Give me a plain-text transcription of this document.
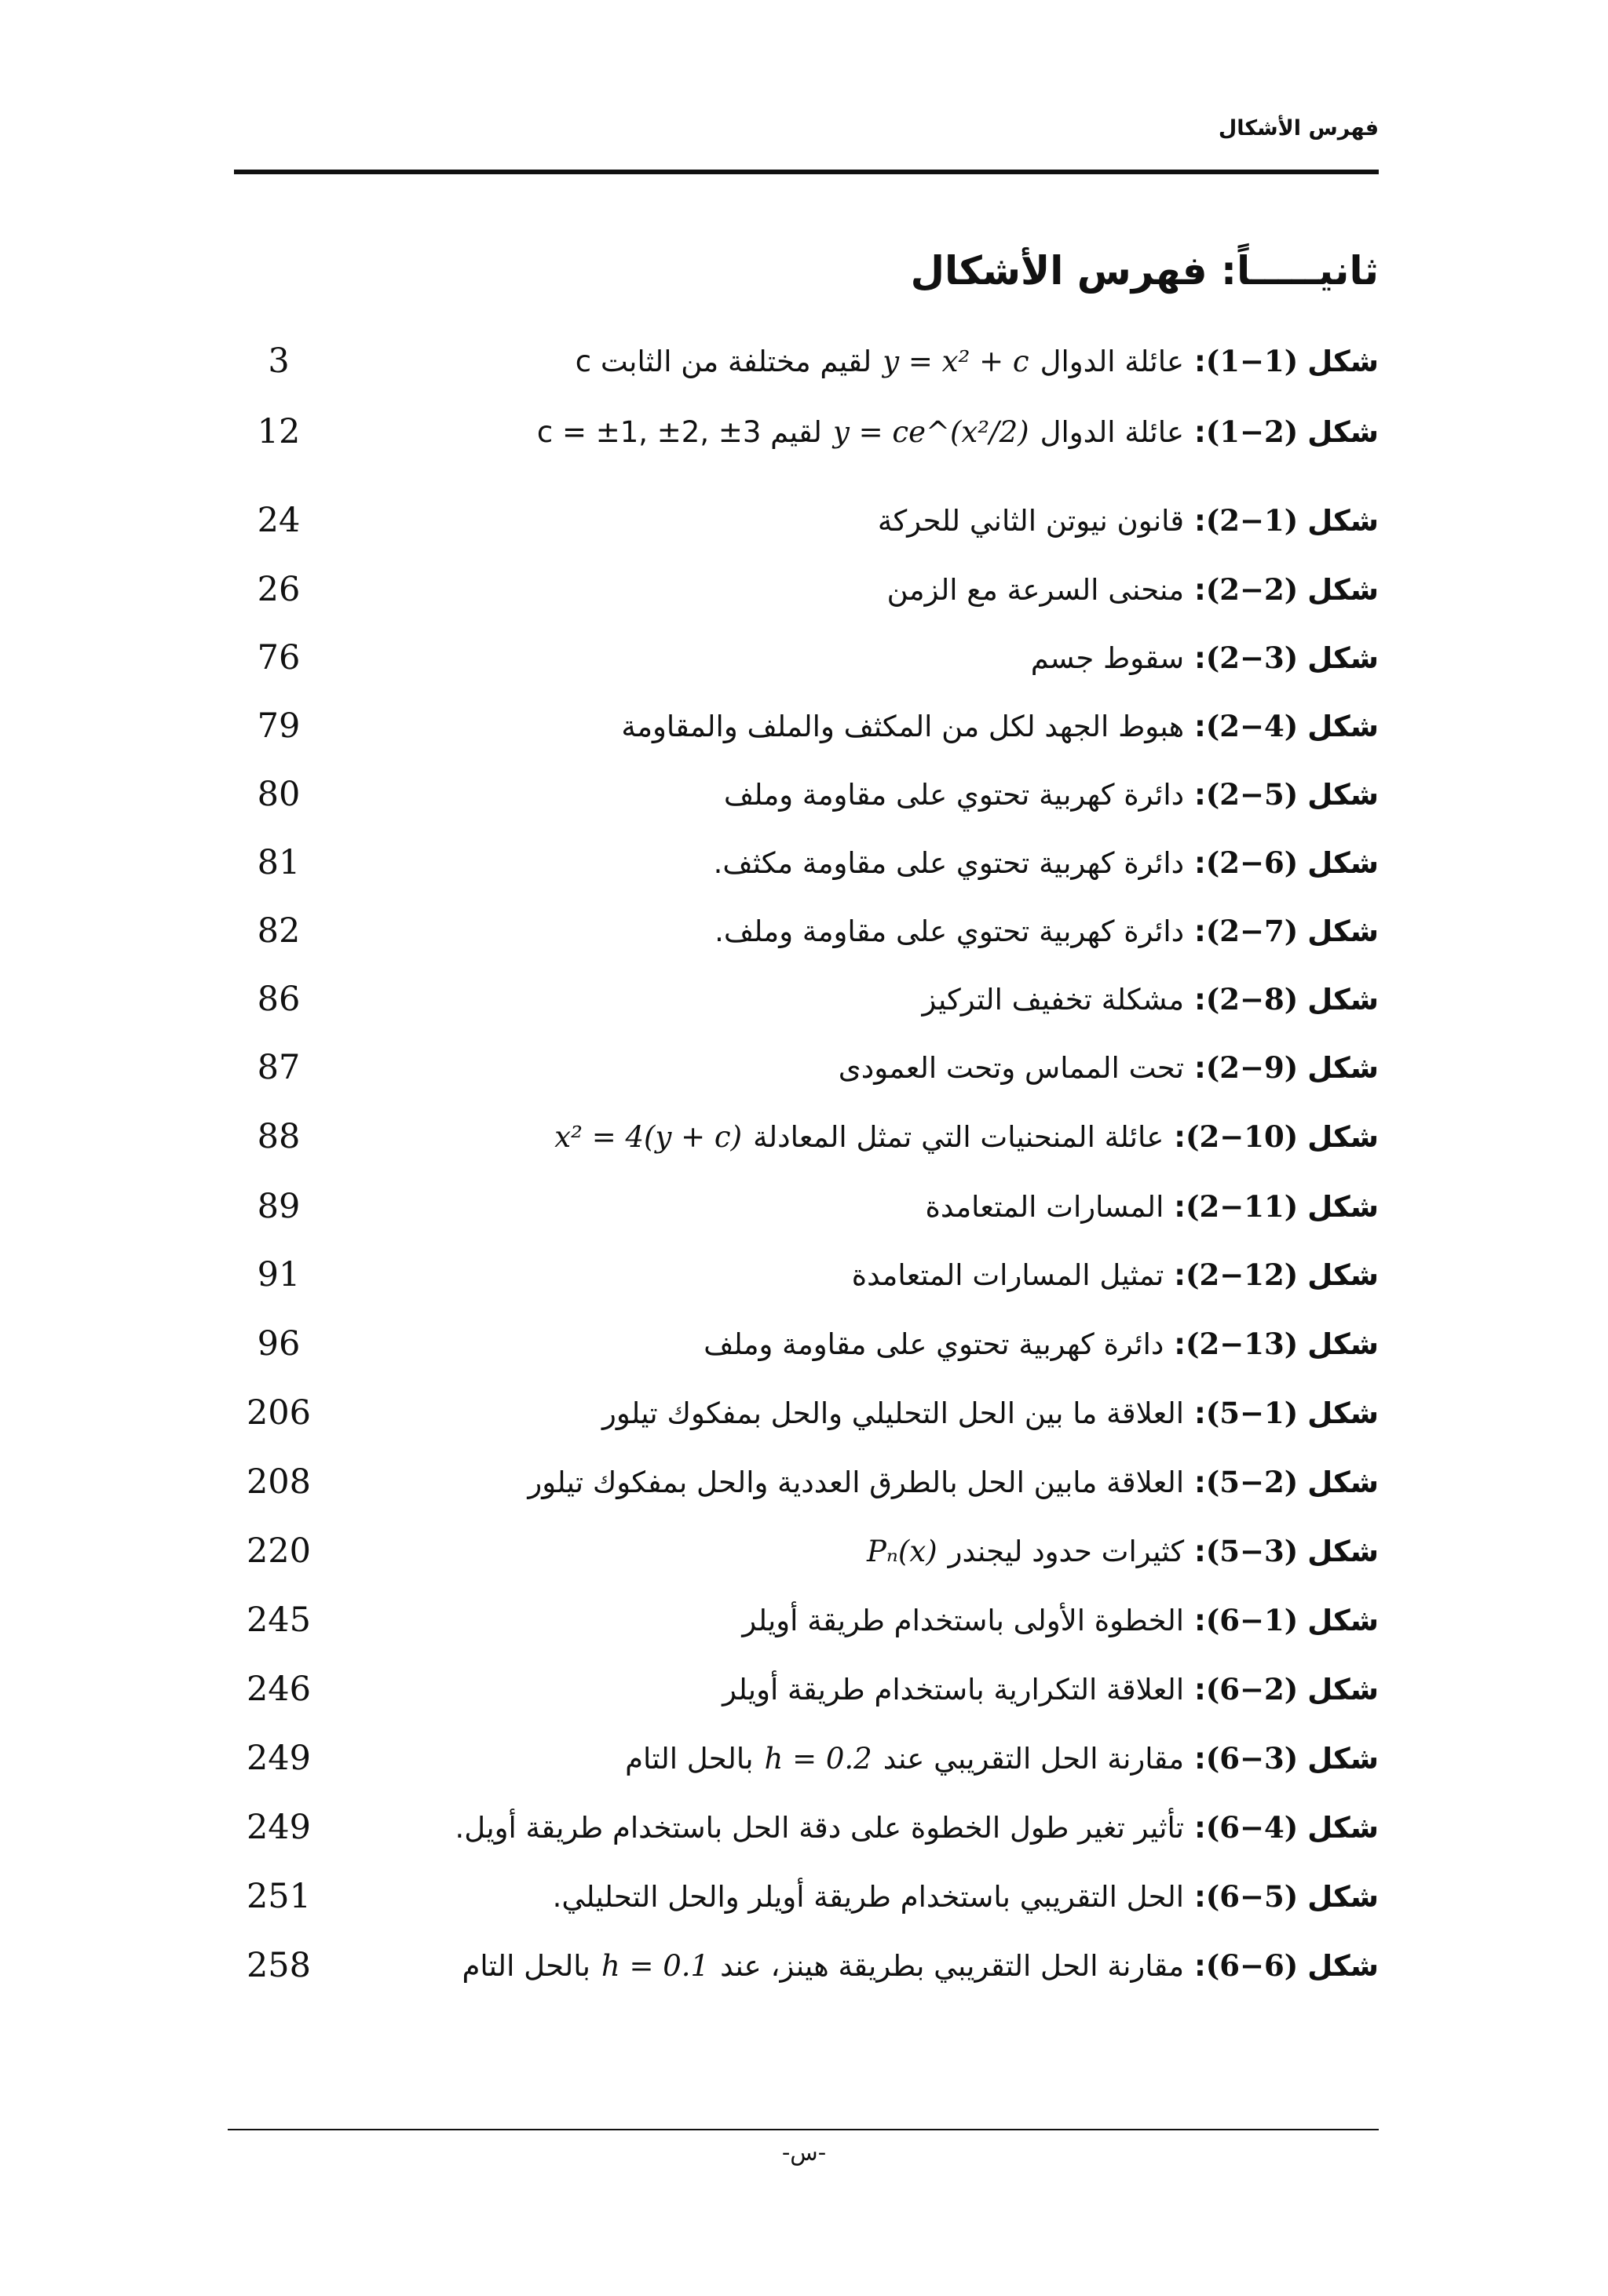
فهرس الأشكال
ثانيـــــاً: فهرس الأشكال
شكل (1−1): عائلة الدوالy = x² + cلقيم مختلفة من الثابت c
3
شكل (1−2): عائلة الدوالy = ce^(x²/2)لقيم c = ±1, ±2, ±3
12
شكل (2−1): قانون نيوتن الثاني للحركة
24
شكل (2−2): منحنى السرعة مع الزمن
26
شكل (2−3): سقوط جسم
76
شكل (2−4): هبوط الجهد لكل من المكثف والملف والمقاومة
79
شكل (2−5): دائرة كهربية تحتوي على مقاومة وملف
80
شكل (2−6): دائرة كهربية تحتوي على مقاومة مكثف.
81
شكل (2−7): دائرة كهربية تحتوي على مقاومة وملف.
82
شكل (2−8): مشكلة تخفيف التركيز
86
شكل (2−9): تحت المماس وتحت العمودى
87
شكل (2−10): عائلة المنحنيات التي تمثل المعادلةx² = 4(y + c)
88
شكل (2−11): المسارات المتعامدة
89
شكل (2−12): تمثيل المسارات المتعامدة
91
شكل (2−13): دائرة كهربية تحتوي على مقاومة وملف
96
شكل (5−1): العلاقة ما بين الحل التحليلي والحل بمفكوك تيلور
206
شكل (5−2): العلاقة مابين الحل بالطرق العددية والحل بمفكوك تيلور
208
شكل (5−3): كثيرات حدود ليجندرPₙ(x)
220
شكل (6−1): الخطوة الأولى باستخدام طريقة أويلر
245
شكل (6−2): العلاقة التكرارية باستخدام طريقة أويلر
246
شكل (6−3): مقارنة الحل التقريبي عندh = 0.2بالحل التام
249
شكل (6−4): تأثير تغير طول الخطوة على دقة الحل باستخدام طريقة أويل.
249
شكل (6−5): الحل التقريبي باستخدام طريقة أويلر والحل التحليلي.
251
شكل (6−6): مقارنة الحل التقريبي بطريقة هينز، عندh = 0.1بالحل التام
258
-س-
